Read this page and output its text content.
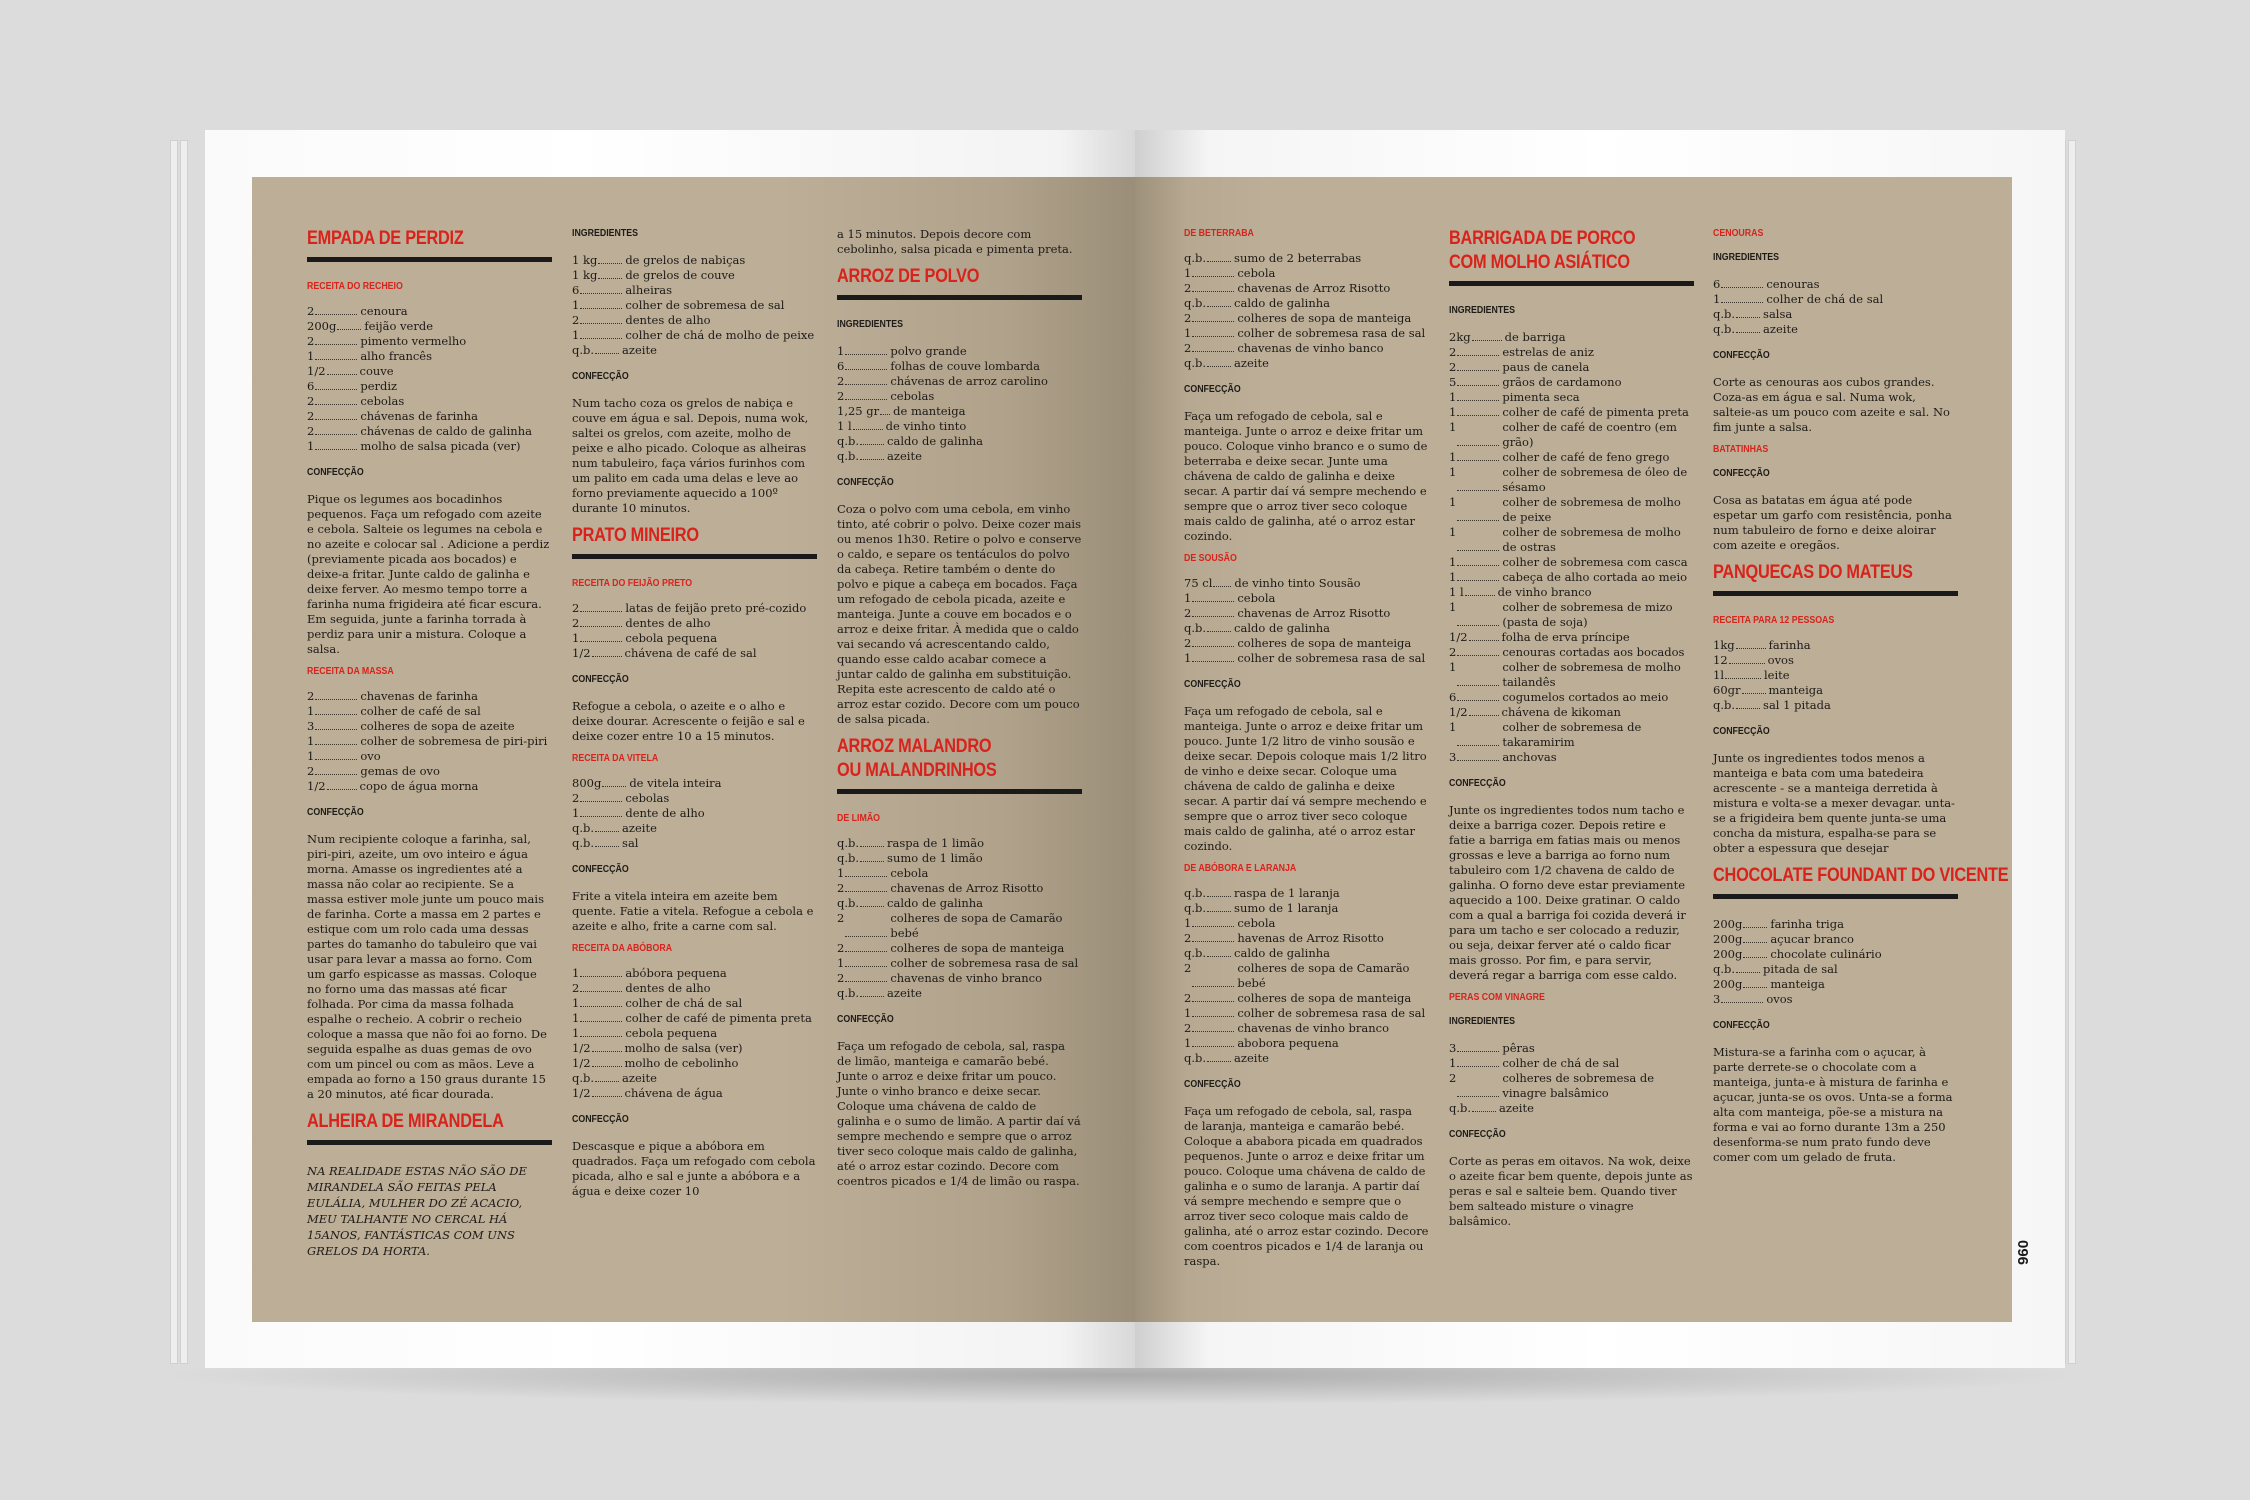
EMPADA DE PERDIZ
RECEITA DO RECHEIO
2	cenoura
200g feijão verde
2	pimento vermelho
1	alho francês
1/2	couve
6	perdiz
2	cebolas
2	chávenas de farinha
2	chávenas de caldo de galinha
1	molho de salsa picada (ver)
CONFECÇÃO

Pique os legumes aos bocadinhos pequenos. Faça um refogado com azeite e cebola. Salteie os legumes na cebola e no azeite e colocar sal . Adicione a perdiz (previamente picada aos bocados) e deixe-a fritar. Junte caldo de galinha e deixe ferver. Ao mesmo tempo torre a farinha numa frigideira até ficar escura. Em seguida, junte a farinha torrada à perdiz para unir a mistura. Coloque a salsa.

RECEITA DA MASSA
2	chavenas de farinha
1	colher de café de sal
3	colheres de sopa de azeite
1	colher de sobremesa de piri-piri
1	ovo
2	gemas de ovo
1/2	copo de água morna
CONFECÇÃO

Num recipiente coloque a farinha, sal, piri-piri, azeite, um ovo inteiro e água morna. Amasse os ingredientes até a massa não colar ao recipiente. Se a massa estiver mole junte um pouco mais de farinha. Corte a massa em 2 partes e estique com um rolo cada uma dessas partes do tamanho do tabuleiro que vai usar para levar a massa ao forno. Com um garfo espicasse as massas. Coloque no forno uma das massas até ficar folhada. Por cima da massa folhada espalhe o recheio. A cobrir o recheio coloque a massa que não foi ao forno. De seguida espalhe as duas gemas de ovo com um pincel ou com as mãos. Leve a empada ao forno a 150 graus durante 15 a 20 minutos, até ficar dourada.

ALHEIRA DE MIRANDELA

NA REALIDADE ESTAS NÃO SÃO DE MIRANDELA SÃO FEITAS PELA EULÁLIA, MULHER DO ZÉ ACACIO, MEU TALHANTE NO CERCAL HÁ 15ANOS, FANTÁSTICAS COM UNS GRELOS DA HORTA.

INGREDIENTES
1 kg de grelos de nabiças
1 kg de grelos de couve
6	alheiras
1	colher de sobremesa de sal
2	dentes de alho
1	colher de chá de molho de peixe
q.b. azeite
CONFECÇÃO

Num tacho coza os grelos de nabiça e couve em água e sal. Depois, numa wok, saltei os grelos, com azeite, molho de peixe e alho picado. Coloque as alheiras num tabuleiro, faça vários furinhos com um palito em cada uma delas e leve ao forno previamente aquecido a 100º durante 10 minutos.

PRATO MINEIRO
RECEITA DO FEIJÃO PRETO
2	latas de feijão preto pré-cozido
2	dentes de alho
1	cebola pequena
1/2	chávena de café de sal
CONFECÇÃO

Refogue a cebola, o azeite e o alho e deixe dourar. Acrescente o feijão e sal e deixe cozer entre 10 a 15 minutos.

RECEITA DA VITELA
800g de vitela inteira
2	cebolas
1	dente de alho
q.b. azeite
q.b. sal
CONFECÇÃO

Frite a vitela inteira em azeite bem quente. Fatie a vitela. Refogue a cebola e azeite e alho, frite a carne com sal.

RECEITA DA ABÓBORA
1	abóbora pequena
2	dentes de alho
1	colher de chá de sal
1	colher de café de pimenta preta
1	cebola pequena
1/2	molho de salsa (ver)
1/2	molho de cebolinho
q.b. azeite
1/2	chávena de água
CONFECÇÃO

Descasque e pique a abóbora em quadrados. Faça um refogado com cebola picada, alho e sal e junte a abóbora e a água e deixe cozer 10

a 15 minutos. Depois decore com cebolinho, salsa picada e pimenta preta.

ARROZ DE POLVO
INGREDIENTES
1	polvo grande
6	folhas de couve lombarda
2	chávenas de arroz carolino
2	cebolas
1,25 gr de manteiga
1 l	de vinho tinto
q.b. caldo de galinha
q.b. azeite
CONFECÇÃO

Coza o polvo com uma cebola, em vinho tinto, até cobrir o polvo. Deixe cozer mais ou menos 1h30. Retire o polvo e conserve o caldo, e separe os tentáculos do polvo da cabeça. Retire também o dente do polvo e pique a cabeça em bocados. Faça um refogado de cebola picada, azeite e manteiga. Junte a couve em bocados e o arroz e deixe fritar. À medida que o caldo vai secando vá acrescentando caldo, quando esse caldo acabar comece a juntar caldo de galinha em substituição. Repita este acrescento de caldo até o arroz estar cozido. Decore com um pouco de salsa picada.

ARROZ MALANDRO
OU MALANDRINHOS
DE LIMÃO
q.b. raspa de 1 limão
q.b. sumo de 1 limão
1	cebola
2	chavenas de Arroz Risotto
q.b. caldo de galinha
2	colheres de sopa de Camarão bebé
2	colheres de sopa de manteiga
1	colher de sobremesa rasa de sal
2	chavenas de vinho branco
q.b. azeite
CONFECÇÃO

Faça um refogado de cebola, sal, raspa de limão, manteiga e camarão bebé. Junte o arroz e deixe fritar um pouco. Junte o vinho branco e deixe secar. Coloque uma chávena de caldo de galinha e o sumo de limão. A partir daí vá sempre mechendo e sempre que o arroz tiver seco coloque mais caldo de galinha, até o arroz estar cozindo. Decore com coentros picados e 1/4 de limão ou raspa.

DE BETERRABA
q.b. sumo de 2 beterrabas
1	cebola
2	chavenas de Arroz Risotto
q.b. caldo de galinha
2	colheres de sopa de manteiga
1	colher de sobremesa rasa de sal
2	chavenas de vinho banco
q.b. azeite
CONFECÇÃO

Faça um refogado de cebola, sal e manteiga. Junte o arroz e deixe fritar um pouco. Coloque vinho branco e o sumo de beterraba e deixe secar. Junte uma chávena de caldo de galinha e deixe secar. A partir daí vá sempre mechendo e sempre que o arroz tiver seco coloque mais caldo de galinha, até o arroz estar cozindo.

DE SOUSÃO
75 cl de vinho tinto Sousão
1	cebola
2	chavenas de Arroz Risotto
q.b. caldo de galinha
2	colheres de sopa de manteiga
1	colher de sobremesa rasa de sal
CONFECÇÃO

Faça um refogado de cebola, sal e manteiga. Junte o arroz e deixe fritar um pouco. Junte 1/2 litro de vinho sousão e deixe secar. Depois coloque mais 1/2 litro de vinho e deixe secar. Coloque uma chávena de caldo de galinha e deixe secar. A partir daí vá sempre mechendo e sempre que o arroz tiver seco coloque mais caldo de galinha, até o arroz estar cozindo.

DE ABÓBORA E LARANJA
q.b. raspa de 1 laranja
q.b. sumo de 1 laranja
1	cebola
2	havenas de Arroz Risotto
q.b. caldo de galinha
2	colheres de sopa de Camarão bebé
2	colheres de sopa de manteiga
1	colher de sobremesa rasa de sal
2	chavenas de vinho branco
1	abobora pequena
q.b. azeite
CONFECÇÃO

Faça um refogado de cebola, sal, raspa de laranja, manteiga e camarão bebé. Coloque a ababora picada em quadrados pequenos. Junte o arroz e deixe fritar um pouco. Coloque uma chávena de caldo de galinha e o sumo de laranja. A partir daí vá sempre mechendo e sempre que o arroz tiver seco coloque mais caldo de galinha, até o arroz estar cozindo. Decore com coentros picados e 1/4 de laranja ou raspa.

BARRIGADA DE PORCO
COM MOLHO ASIÁTICO
INGREDIENTES
2kg	de barriga
2	estrelas de aniz
2	paus de canela
5	grãos de cardamono
1	pimenta seca
1	colher de café de pimenta preta
1	colher de café de coentro (em grão)
1	colher de café de feno grego
1	colher de sobremesa de óleo de sésamo
1	colher de sobremesa de molho de peixe
1	colher de sobremesa de molho de ostras
1	colher de sobremesa com casca
1	cabeça de alho cortada ao meio
1 l	de vinho branco
1	colher de sobremesa de mizo (pasta de soja)
1/2	folha de erva príncipe
2	cenouras cortadas aos bocados
1	colher de sobremesa de molho tailandês
6	cogumelos cortados ao meio
1/2	chávena de kikoman
1	colher de sobremesa de takaramirim
3	anchovas
CONFECÇÃO

Junte os ingredientes todos num tacho e deixe a barriga cozer. Depois retire e fatie a barriga em fatias mais ou menos grossas e leve a barriga ao forno num tabuleiro com 1/2 chavena de caldo de galinha. O forno deve estar previamente aquecido a 100. Deixe gratinar. O caldo com a qual a barriga foi cozida deverá ir para um tacho e ser colocado a reduzir, ou seja, deixar ferver até o caldo ficar mais grosso. Por fim, e para servir, deverá regar a barriga com esse caldo.

PERAS COM VINAGRE
INGREDIENTES
3	pêras
1	colher de chá de sal
2	colheres de sobremesa de vinagre balsâmico
q.b. azeite
CONFECÇÃO

Corte as peras em oitavos. Na wok, deixe o azeite ficar bem quente, depois junte as peras e sal e salteie bem. Quando tiver bem salteado misture o vinagre balsâmico.

CENOURAS
INGREDIENTES
6	cenouras
1	colher de chá de sal
q.b. salsa
q.b. azeite
CONFECÇÃO

Corte as cenouras aos cubos grandes. Coza-as em água e sal. Numa wok, salteie-as um pouco com azeite e sal. No fim junte a salsa.

BATATINHAS
CONFECÇÃO

Cosa as batatas em água até pode espetar um garfo com resistência, ponha num tabuleiro de forno e deixe aloirar com azeite e oregãos.

PANQUECAS DO MATEUS
RECEITA PARA 12 PESSOAS
1kg	farinha
12	ovos
1l	leite
60gr manteiga
q.b. sal 1 pitada
CONFECÇÃO

Junte os ingredientes todos menos a manteiga e bata com uma batedeira acrescente - se a manteiga derretida à mistura e volta-se a mexer devagar. unta-se a frigideira bem quente junta-se uma concha da mistura, espalha-se para se obter a espessura que desejar

CHOCOLATE FOUNDANT DO VICENTE
200g farinha triga
200g açucar branco
200g chocolate culinário
q.b. pitada de sal
200g manteiga
3	ovos
CONFECÇÃO

Mistura-se a farinha com o açucar, à parte derrete-se o chocolate com a manteiga, junta-e à mistura de farinha e açucar, junta-se os ovos. Unta-se a forma alta com manteiga, põe-se a mistura na forma e vai ao forno durante 13m a 250 desenforma-se num prato fundo deve comer com um gelado de fruta.

096
